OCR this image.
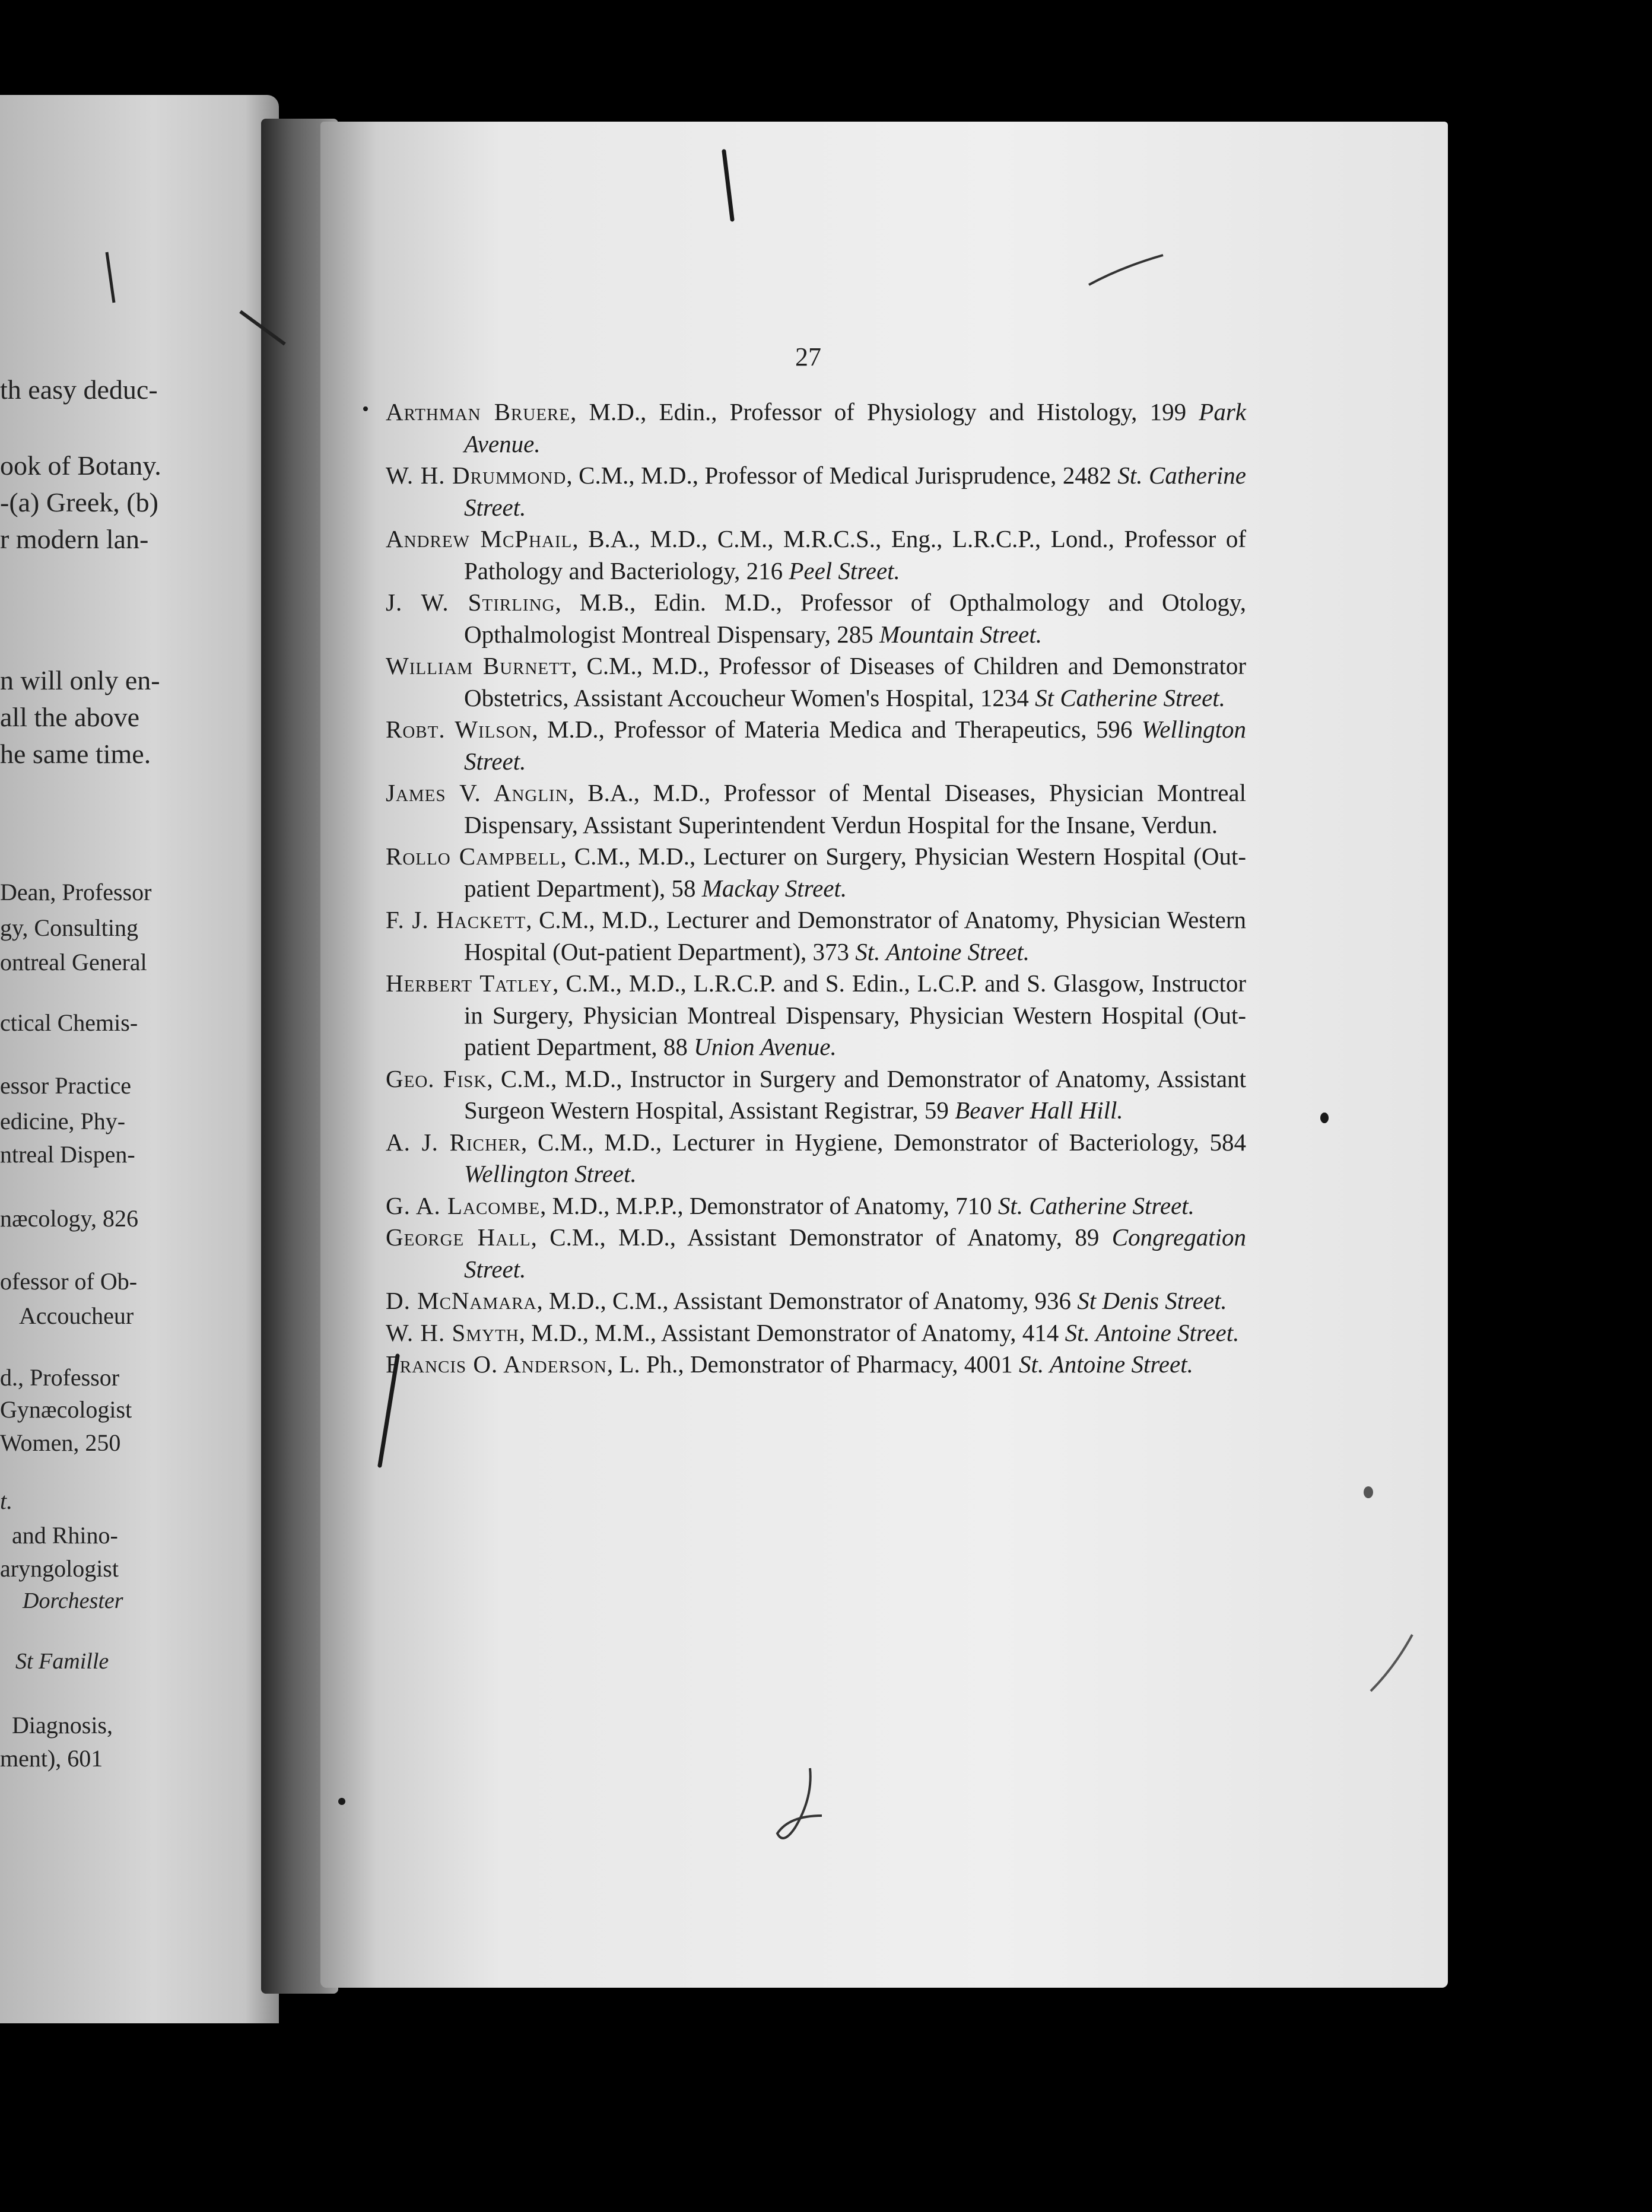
th easy deduc-
ook of Botany.
-(a) Greek, (b)
r modern lan-
n will only en-
all the above
he same time.
Dean, Professor
gy, Consulting
ontreal General
ctical Chemis-
essor Practice
edicine, Phy-
ntreal Dispen-
næcology, 826
ofessor of Ob-
Accoucheur
d., Professor
Gynæcologist
Women, 250
t.
and Rhino-
aryngologist
Dorchester
St Famille
Diagnosis,
ment), 601
27
Arthman Bruere, M.D., Edin., Professor of Physiology and Histology, 199 Park Avenue.
W. H. Drummond, C.M., M.D., Professor of Medical Jurisprudence, 2482 St. Catherine Street.
Andrew McPhail, B.A., M.D., C.M., M.R.C.S., Eng., L.R.C.P., Lond., Professor of Pathology and Bacteriology, 216 Peel Street.
J. W. Stirling, M.B., Edin. M.D., Professor of Opthalmology and Otology, Opthalmologist Montreal Dispensary, 285 Mountain Street.
William Burnett, C.M., M.D., Professor of Diseases of Children and Demonstrator Obstetrics, Assistant Accoucheur Women's Hospital, 1234 St Catherine Street.
Robt. Wilson, M.D., Professor of Materia Medica and Therapeutics, 596 Wellington Street.
James V. Anglin, B.A., M.D., Professor of Mental Diseases, Physician Montreal Dispensary, Assistant Superintendent Verdun Hospital for the Insane, Verdun.
Rollo Campbell, C.M., M.D., Lecturer on Surgery, Physician Western Hospital (Out-patient Department), 58 Mackay Street.
F. J. Hackett, C.M., M.D., Lecturer and Demonstrator of Anatomy, Physician Western Hospital (Out-patient Department), 373 St. Antoine Street.
Herbert Tatley, C.M., M.D., L.R.C.P. and S. Edin., L.C.P. and S. Glasgow, Instructor in Surgery, Physician Montreal Dispensary, Physician Western Hospital (Out-patient Department, 88 Union Avenue.
Geo. Fisk, C.M., M.D., Instructor in Surgery and Demonstrator of Anatomy, Assistant Surgeon Western Hospital, Assistant Registrar, 59 Beaver Hall Hill.
A. J. Richer, C.M., M.D., Lecturer in Hygiene, Demonstrator of Bacteriology, 584 Wellington Street.
G. A. Lacombe, M.D., M.P.P., Demonstrator of Anatomy, 710 St. Catherine Street.
George Hall, C.M., M.D., Assistant Demonstrator of Anatomy, 89 Congregation Street.
D. McNamara, M.D., C.M., Assistant Demonstrator of Anatomy, 936 St Denis Street.
W. H. Smyth, M.D., M.M., Assistant Demonstrator of Anatomy, 414 St. Antoine Street.
Francis O. Anderson, L. Ph., Demonstrator of Pharmacy, 4001 St. Antoine Street.
